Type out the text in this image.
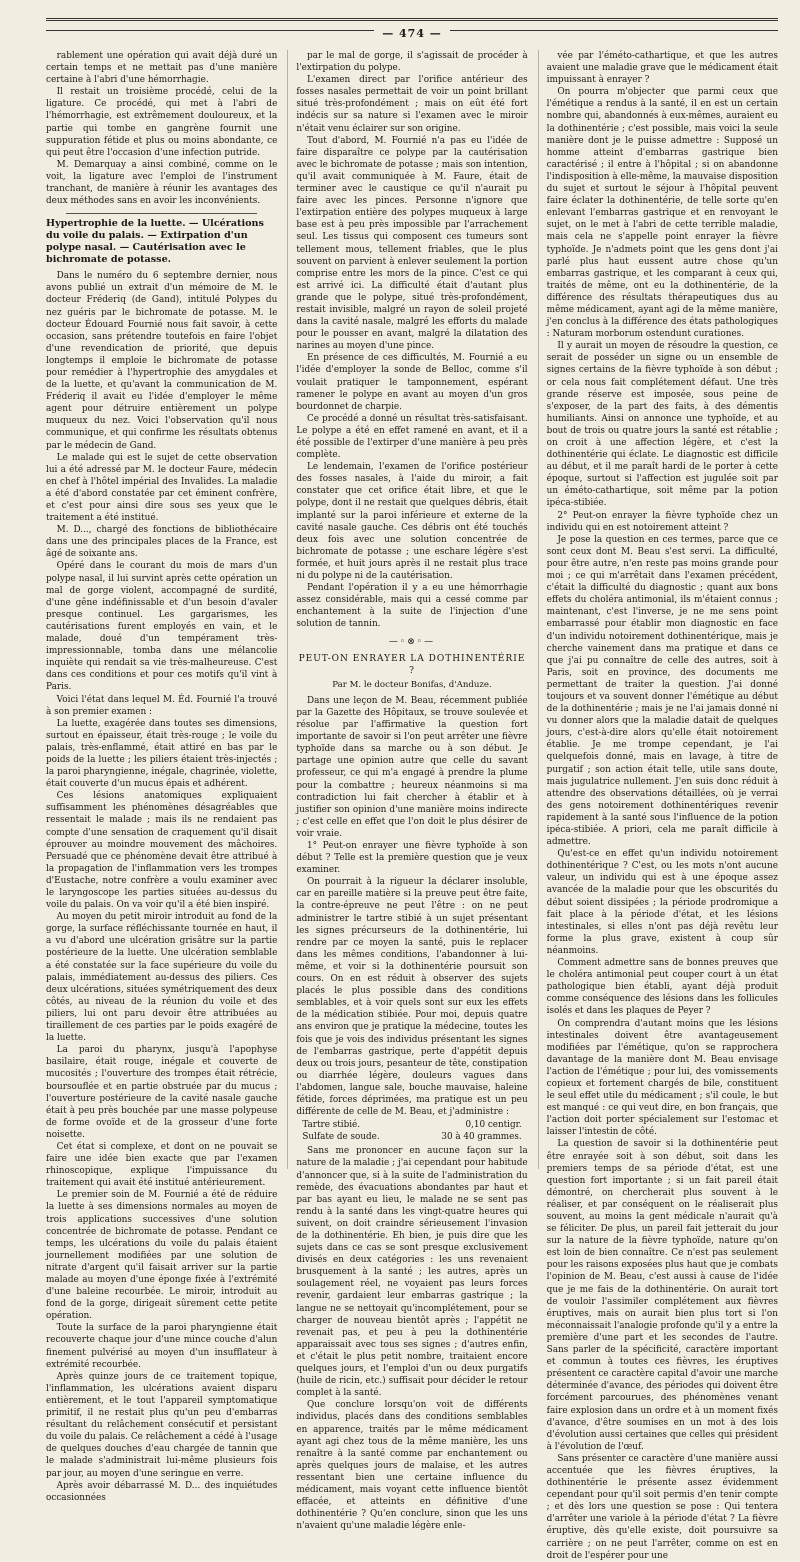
— 474 —

rablement une opération qui avait déjà duré un certain temps et ne mettait pas d'une manière certaine à l'abri d'une hémorrhagie.

Il restait un troisième procédé, celui de la ligature. Ce procédé, qui met à l'abri de l'hémorrhagie, est extrêmement douloureux, et la partie qui tombe en gangrène fournit une suppuration fétide et plus ou moins abondante, ce qui peut être l'occasion d'une infection putride.

M. Demarquay a ainsi combiné, comme on le voit, la ligature avec l'emploi de l'instrument tranchant, de manière à réunir les avantages des deux méthodes sans en avoir les inconvénients.

Hypertrophie de la luette. — Ulcérations du voile du palais. — Extirpation d'un polype nasal. — Cautérisation avec le bichromate de potasse.

Dans le numéro du 6 septembre dernier, nous avons publié un extrait d'un mémoire de M. le docteur Fréderiq (de Gand), intitulé Polypes du nez guéris par le bichromate de potasse. M. le docteur Édouard Fournié nous fait savoir, à cette occasion, sans prétendre toutefois en faire l'objet d'une revendication de priorité, que depuis longtemps il emploie le bichromate de potasse pour remédier à l'hypertrophie des amygdales et de la luette, et qu'avant la communication de M. Fréderiq il avait eu l'idée d'employer le même agent pour détruire entièrement un polype muqueux du nez. Voici l'observation qu'il nous communique, et qui confirme les résultats obtenus par le médecin de Gand.

Le malade qui est le sujet de cette observation lui a été adressé par M. le docteur Faure, médecin en chef à l'hôtel impérial des Invalides. La maladie a été d'abord constatée par cet éminent confrère, et c'est pour ainsi dire sous ses yeux que le traitement a été institué.

M. D..., chargé des fonctions de bibliothécaire dans une des principales places de la France, est âgé de soixante ans.

Opéré dans le courant du mois de mars d'un polype nasal, il lui survint après cette opération un mal de gorge violent, accompagné de surdité, d'une gêne indéfinissable et d'un besoin d'avaler presque continuel. Les gargarismes, les cautérisations furent employés en vain, et le malade, doué d'un tempérament très-impressionnable, tomba dans une mélancolie inquiète qui rendait sa vie très-malheureuse. C'est dans ces conditions et pour ces motifs qu'il vint à Paris.

Voici l'état dans lequel M. Éd. Fournié l'a trouvé à son premier examen :

La luette, exagérée dans toutes ses dimensions, surtout en épaisseur, était très-rouge ; le voile du palais, très-enflammé, était attiré en bas par le poids de la luette ; les piliers étaient très-injectés ; la paroi pharyngienne, inégale, chagrinée, violette, était couverte d'un mucus épais et adhérent.

Ces lésions anatomiques expliquaient suffisamment les phénomènes désagréables que ressentait le malade ; mais ils ne rendaient pas compte d'une sensation de craquement qu'il disait éprouver au moindre mouvement des mâchoires. Persuadé que ce phénomène devait être attribué à la propagation de l'inflammation vers les trompes d'Eustache, notre confrère a voulu examiner avec le laryngoscope les parties situées au-dessus du voile du palais. On va voir qu'il a été bien inspiré.

Au moyen du petit miroir introduit au fond de la gorge, la surface réfléchissante tournée en haut, il a vu d'abord une ulcération grisâtre sur la partie postérieure de la luette. Une ulcération semblable a été constatée sur la face supérieure du voile du palais, immédiatement au-dessus des piliers. Ces deux ulcérations, situées symétriquement des deux côtés, au niveau de la réunion du voile et des piliers, lui ont paru devoir être attribuées au tiraillement de ces parties par le poids exagéré de la luette.

La paroi du pharynx, jusqu'à l'apophyse basilaire, était rouge, inégale et couverte de mucosités ; l'ouverture des trompes était rétrécie, boursouflée et en partie obstruée par du mucus ; l'ouverture postérieure de la cavité nasale gauche était à peu près bouchée par une masse polypeuse de forme ovoïde et de la grosseur d'une forte noisette.

Cet état si complexe, et dont on ne pouvait se faire une idée bien exacte que par l'examen rhinoscopique, explique l'impuissance du traitement qui avait été institué antérieurement.

Le premier soin de M. Fournié a été de réduire la luette à ses dimensions normales au moyen de trois applications successives d'une solution concentrée de bichromate de potasse. Pendant ce temps, les ulcérations du voile du palais étaient journellement modifiées par une solution de nitrate d'argent qu'il faisait arriver sur la partie malade au moyen d'une éponge fixée à l'extrémité d'une baleine recourbée. Le miroir, introduit au fond de la gorge, dirigeait sûrement cette petite opération.

Toute la surface de la paroi pharyngienne était recouverte chaque jour d'une mince couche d'alun finement pulvérisé au moyen d'un insufflateur à extrémité recourbée.

Après quinze jours de ce traitement topique, l'inflammation, les ulcérations avaient disparu entièrement, et le tout l'appareil symptomatique primitif, il ne restait plus qu'un peu d'embarras résultant du relâchement consécutif et persistant du voile du palais. Ce relâchement a cédé à l'usage de quelques douches d'eau chargée de tannin que le malade s'administrait lui-même plusieurs fois par jour, au moyen d'une seringue en verre.

Après avoir débarrassé M. D... des inquiétudes occasionnées

par le mal de gorge, il s'agissait de procéder à l'extirpation du polype.

L'examen direct par l'orifice antérieur des fosses nasales permettait de voir un point brillant situé très-profondément ; mais on eût été fort indécis sur sa nature si l'examen avec le miroir n'était venu éclairer sur son origine.

Tout d'abord, M. Fournié n'a pas eu l'idée de faire disparaître ce polype par la cautérisation avec le bichromate de potasse ; mais son intention, qu'il avait communiquée à M. Faure, était de terminer avec le caustique ce qu'il n'aurait pu faire avec les pinces. Personne n'ignore que l'extirpation entière des polypes muqueux à large base est à peu près impossible par l'arrachement seul. Les tissus qui composent ces tumeurs sont tellement mous, tellement friables, que le plus souvent on parvient à enlever seulement la portion comprise entre les mors de la pince. C'est ce qui est arrivé ici. La difficulté était d'autant plus grande que le polype, situé très-profondément, restait invisible, malgré un rayon de soleil projeté dans la cavité nasale, malgré les efforts du malade pour le pousser en avant, malgré la dilatation des narines au moyen d'une pince.

En présence de ces difficultés, M. Fournié a eu l'idée d'employer la sonde de Belloc, comme s'il voulait pratiquer le tamponnement, espérant ramener le polype en avant au moyen d'un gros bourdonnet de charpie.

Ce procédé a donné un résultat très-satisfaisant. Le polype a été en effet ramené en avant, et il a été possible de l'extirper d'une manière à peu près complète.

Le lendemain, l'examen de l'orifice postérieur des fosses nasales, à l'aide du miroir, a fait constater que cet orifice était libre, et que le polype, dont il ne restait que quelques débris, était implanté sur la paroi inférieure et externe de la cavité nasale gauche. Ces débris ont été touchés deux fois avec une solution concentrée de bichromate de potasse ; une eschare légère s'est formée, et huit jours après il ne restait plus trace ni du polype ni de la cautérisation.

Pendant l'opération il y a eu une hémorrhagie assez considérable, mais qui a cessé comme par enchantement à la suite de l'injection d'une solution de tannin.

—◦⊗◦—

PEUT-ON ENRAYER LA DOTHINENTÉRIE ?

Par M. le docteur Bonifas, d'Anduze.

Dans une leçon de M. Beau, récemment publiée par la Gazette des Hôpitaux, se trouve soulevée et résolue par l'affirmative la question fort importante de savoir si l'on peut arrêter une fièvre typhoïde dans sa marche ou à son début. Je partage une opinion autre que celle du savant professeur, ce qui m'a engagé à prendre la plume pour la combattre ; heureux néanmoins si ma contradiction lui fait chercher à établir et à justifier son opinion d'une manière moins indirecte ; c'est celle en effet que l'on doit le plus désirer de voir vraie.

1° Peut-on enrayer une fièvre typhoïde à son début ? Telle est la première question que je veux examiner.

On pourrait à la rigueur la déclarer insoluble, car en pareille matière si la preuve peut être faite, la contre-épreuve ne peut l'être : on ne peut administrer le tartre stibié à un sujet présentant les signes précurseurs de la dothinentérie, lui rendre par ce moyen la santé, puis le replacer dans les mêmes conditions, l'abandonner à lui-même, et voir si la dothinentérie poursuit son cours. On en est réduit à observer des sujets placés le plus possible dans des conditions semblables, et à voir quels sont sur eux les effets de la médication stibiée. Pour moi, depuis quatre ans environ que je pratique la médecine, toutes les fois que je vois des individus présentant les signes de l'embarras gastrique, perte d'appétit depuis deux ou trois jours, pesanteur de tête, constipation ou diarrhée légère, douleurs vagues dans l'abdomen, langue sale, bouche mauvaise, haleine fétide, forces déprimées, ma pratique est un peu différente de celle de M. Beau, et j'administre :

Tartre stibié.	0,10 centigr.
Sulfate de soude.	30 à 40 grammes.

Sans me prononcer en aucune façon sur la nature de la maladie ; j'ai cependant pour habitude d'annoncer que, si à la suite de l'administration du remède, des évacuations abondantes par haut et par bas ayant eu lieu, le malade ne se sent pas rendu à la santé dans les vingt-quatre heures qui suivent, on doit craindre sérieusement l'invasion de la dothinentérie. Eh bien, je puis dire que les sujets dans ce cas se sont presque exclusivement divisés en deux catégories : les uns revenaient brusquement à la santé ; les autres, après un soulagement réel, ne voyaient pas leurs forces revenir, gardaient leur embarras gastrique ; la langue ne se nettoyait qu'incomplétement, pour se charger de nouveau bientôt après ; l'appétit ne revenait pas, et peu à peu la dothinentérie apparaissait avec tous ses signes ; d'autres enfin, et c'était le plus petit nombre, traitaient encore quelques jours, et l'emploi d'un ou deux purgatifs (huile de ricin, etc.) suffisait pour décider le retour complet à la santé.

Que conclure lorsqu'on voit de différents individus, placés dans des conditions semblables en apparence, traités par le même médicament ayant agi chez tous de la même manière, les uns renaître à la santé comme par enchantement ou après quelques jours de malaise, et les autres ressentant bien une certaine influence du médicament, mais voyant cette influence bientôt effacée, et atteints en définitive d'une dothinentérie ? Qu'en conclure, sinon que les uns n'avaient qu'une maladie légère enle-

vée par l'éméto-cathartique, et que les autres avaient une maladie grave que le médicament était impuissant à enrayer ?

On pourra m'objecter que parmi ceux que l'émétique a rendus à la santé, il en est un certain nombre qui, abandonnés à eux-mêmes, auraient eu la dothinentérie ; c'est possible, mais voici la seule manière dont je le puisse admettre : Supposé un homme atteint d'embarras gastrique bien caractérisé ; il entre à l'hôpital ; si on abandonne l'indisposition à elle-même, la mauvaise disposition du sujet et surtout le séjour à l'hôpital peuvent faire éclater la dothinentérie, de telle sorte qu'en enlevant l'embarras gastrique et en renvoyant le sujet, on le met à l'abri de cette terrible maladie, mais cela ne s'appelle point enrayer la fièvre typhoïde. Je n'admets point que les gens dont j'ai parlé plus haut eussent autre chose qu'un embarras gastrique, et les comparant à ceux qui, traités de même, ont eu la dothinentérie, de la différence des résultats thérapeutiques dus au même médicament, ayant agi de la même manière, j'en conclus à la différence des états pathologiques : Naturam morborum ostendunt curationes.

Il y aurait un moyen de résoudre la question, ce serait de posséder un signe ou un ensemble de signes certains de la fièvre typhoïde à son début ; or cela nous fait complétement défaut. Une très grande réserve est imposée, sous peine de s'exposer, de la part des faits, à des démentis humiliants. Ainsi on annonce une typhoïde, et au bout de trois ou quatre jours la santé est rétablie ; on croit à une affection légère, et c'est la dothinentérie qui éclate. Le diagnostic est difficile au début, et il me paraît hardi de le porter à cette époque, surtout si l'affection est jugulée soit par un éméto-cathartique, soit même par la potion ipéca-stibiée.

2° Peut-on enrayer la fièvre typhoïde chez un individu qui en est notoirement atteint ?

Je pose la question en ces termes, parce que ce sont ceux dont M. Beau s'est servi. La difficulté, pour être autre, n'en reste pas moins grande pour moi ; ce qui m'arrêtait dans l'examen précédent, c'était la difficulté du diagnostic ; quant aux bons effets du choléra antimonial, ils m'étaient connus ; maintenant, c'est l'inverse, je ne me sens point embarrassé pour établir mon diagnostic en face d'un individu notoirement dothinentérique, mais je cherche vainement dans ma pratique et dans ce que j'ai pu connaître de celle des autres, soit à Paris, soit en province, des documents me permettant de traiter la question. J'ai donné toujours et va souvent donner l'émétique au début de la dothinentérie ; mais je ne l'ai jamais donné ni vu donner alors que la maladie datait de quelques jours, c'est-à-dire alors qu'elle était notoirement établie. Je me trompe cependant, je l'ai quelquefois donné, mais en lavage, à titre de purgatif ; son action était telle, utile sans doute, mais jugulatrice nullement. J'en suis donc réduit à attendre des observations détaillées, où je verrai des gens notoirement dothinentériques revenir rapidement à la santé sous l'influence de la potion ipéca-stibiée. A priori, cela me paraît difficile à admettre.

Qu'est-ce en effet qu'un individu notoirement dothinentérique ? C'est, ou les mots n'ont aucune valeur, un individu qui est à une époque assez avancée de la maladie pour que les obscurités du début soient dissipées ; la période prodromique a fait place à la période d'état, et les lésions intestinales, si elles n'ont pas déjà revêtu leur forme la plus grave, existent à coup sûr néanmoins.

Comment admettre sans de bonnes preuves que le choléra antimonial peut couper court à un état pathologique bien établi, ayant déjà produit comme conséquence des lésions dans les follicules isolés et dans les plaques de Peyer ?

On comprendra d'autant moins que les lésions intestinales doivent être avantageusement modifiées par l'émétique, qu'on se rapprochera davantage de la manière dont M. Beau envisage l'action de l'émétique ; pour lui, des vomissements copieux et fortement chargés de bile, constituent le seul effet utile du médicament ; s'il coule, le but est manqué : ce qui veut dire, en bon français, que l'action doit porter spécialement sur l'estomac et laisser l'intestin de côté.

La question de savoir si la dothinentérie peut être enrayée soit à son début, soit dans les premiers temps de sa période d'état, est une question fort importante ; si un fait pareil était démontré, on chercherait plus souvent à le réaliser, et par conséquent on le réaliserait plus souvent, au moins la gent médicale n'aurait qu'à se féliciter. De plus, un pareil fait jetterait du jour sur la nature de la fièvre typhoïde, nature qu'on est loin de bien connaître. Ce n'est pas seulement pour les raisons exposées plus haut que je combats l'opinion de M. Beau, c'est aussi à cause de l'idée que je me fais de la dothinentérie. On aurait tort de vouloir l'assimiler complétement aux fièvres éruptives, mais on aurait bien plus tort si l'on méconnaissait l'analogie profonde qu'il y a entre la première d'une part et les secondes de l'autre. Sans parler de la spécificité, caractère important et commun à toutes ces fièvres, les éruptives présentent ce caractère capital d'avoir une marche déterminée d'avance, des périodes qui doivent être forcément parcourues, des phénomènes venant faire explosion dans un ordre et à un moment fixés d'avance, d'être soumises en un mot à des lois d'évolution aussi certaines que celles qui président à l'évolution de l'œuf.

Sans présenter ce caractère d'une manière aussi accentuée que les fièvres éruptives, la dothinentérie le présente assez évidemment cependant pour qu'il soit permis d'en tenir compte ; et dès lors une question se pose : Qui tentera d'arrêter une variole à la période d'état ? La fièvre éruptive, dès qu'elle existe, doit poursuivre sa carrière ; on ne peut l'arrêter, comme on est en droit de l'espérer pour une
